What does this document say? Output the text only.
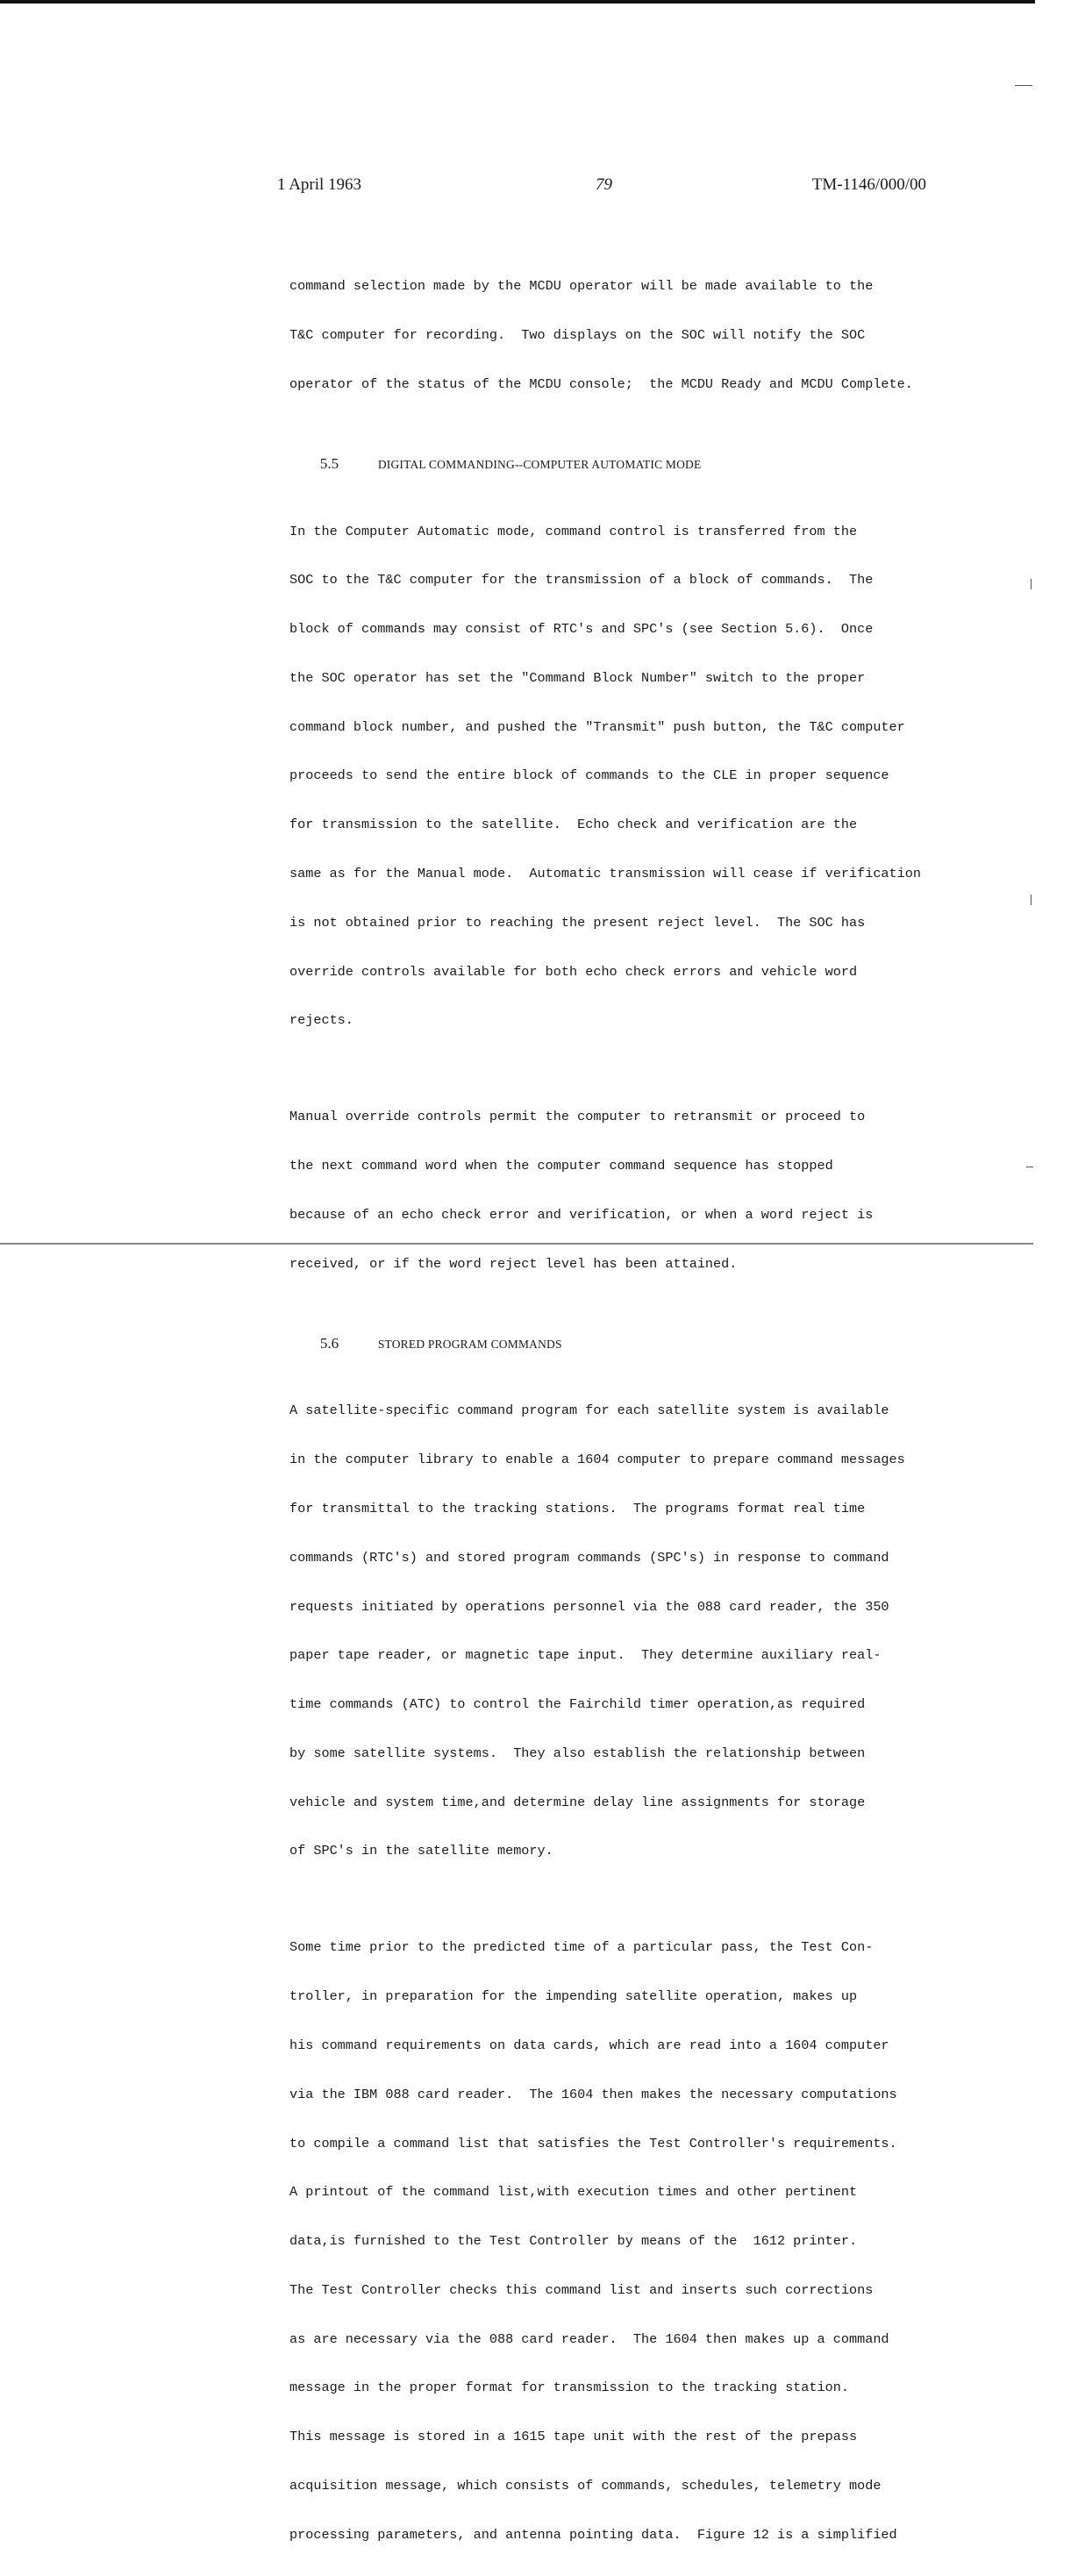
1 April 1963	79	TM-1146/000/00

command selection made by the MCDU operator will be made available to the

T&C computer for recording.  Two displays on the SOC will notify the SOC

operator of the status of the MCDU console;  the MCDU Ready and MCDU Complete.

5.5	DIGITAL COMMANDING--COMPUTER AUTOMATIC MODE

In the Computer Automatic mode, command control is transferred from the

SOC to the T&C computer for the transmission of a block of commands.  The

block of commands may consist of RTC's and SPC's (see Section 5.6).  Once

the SOC operator has set the "Command Block Number" switch to the proper

command block number, and pushed the "Transmit" push button, the T&C computer

proceeds to send the entire block of commands to the CLE in proper sequence

for transmission to the satellite.  Echo check and verification are the

same as for the Manual mode.  Automatic transmission will cease if verification

is not obtained prior to reaching the present reject level.  The SOC has

override controls available for both echo check errors and vehicle word

rejects.

Manual override controls permit the computer to retransmit or proceed to

the next command word when the computer command sequence has stopped

because of an echo check error and verification, or when a word reject is

received, or if the word reject level has been attained.

5.6	STORED PROGRAM COMMANDS

A satellite-specific command program for each satellite system is available

in the computer library to enable a 1604 computer to prepare command messages

for transmittal to the tracking stations.  The programs format real time

commands (RTC's) and stored program commands (SPC's) in response to command

requests initiated by operations personnel via the 088 card reader, the 350

paper tape reader, or magnetic tape input.  They determine auxiliary real-

time commands (ATC) to control the Fairchild timer operation,as required

by some satellite systems.  They also establish the relationship between

vehicle and system time,and determine delay line assignments for storage

of SPC's in the satellite memory.

Some time prior to the predicted time of a particular pass, the Test Con-

troller, in preparation for the impending satellite operation, makes up

his command requirements on data cards, which are read into a 1604 computer

via the IBM 088 card reader.  The 1604 then makes the necessary computations

to compile a command list that satisfies the Test Controller's requirements.

A printout of the command list,with execution times and other pertinent

data,is furnished to the Test Controller by means of the  1612 printer.

The Test Controller checks this command list and inserts such corrections

as are necessary via the 088 card reader.  The 1604 then makes up a command

message in the proper format for transmission to the tracking station.

This message is stored in a 1615 tape unit with the rest of the prepass

acquisition message, which consists of commands, schedules, telemetry mode

processing parameters, and antenna pointing data.  Figure 12 is a simplified
